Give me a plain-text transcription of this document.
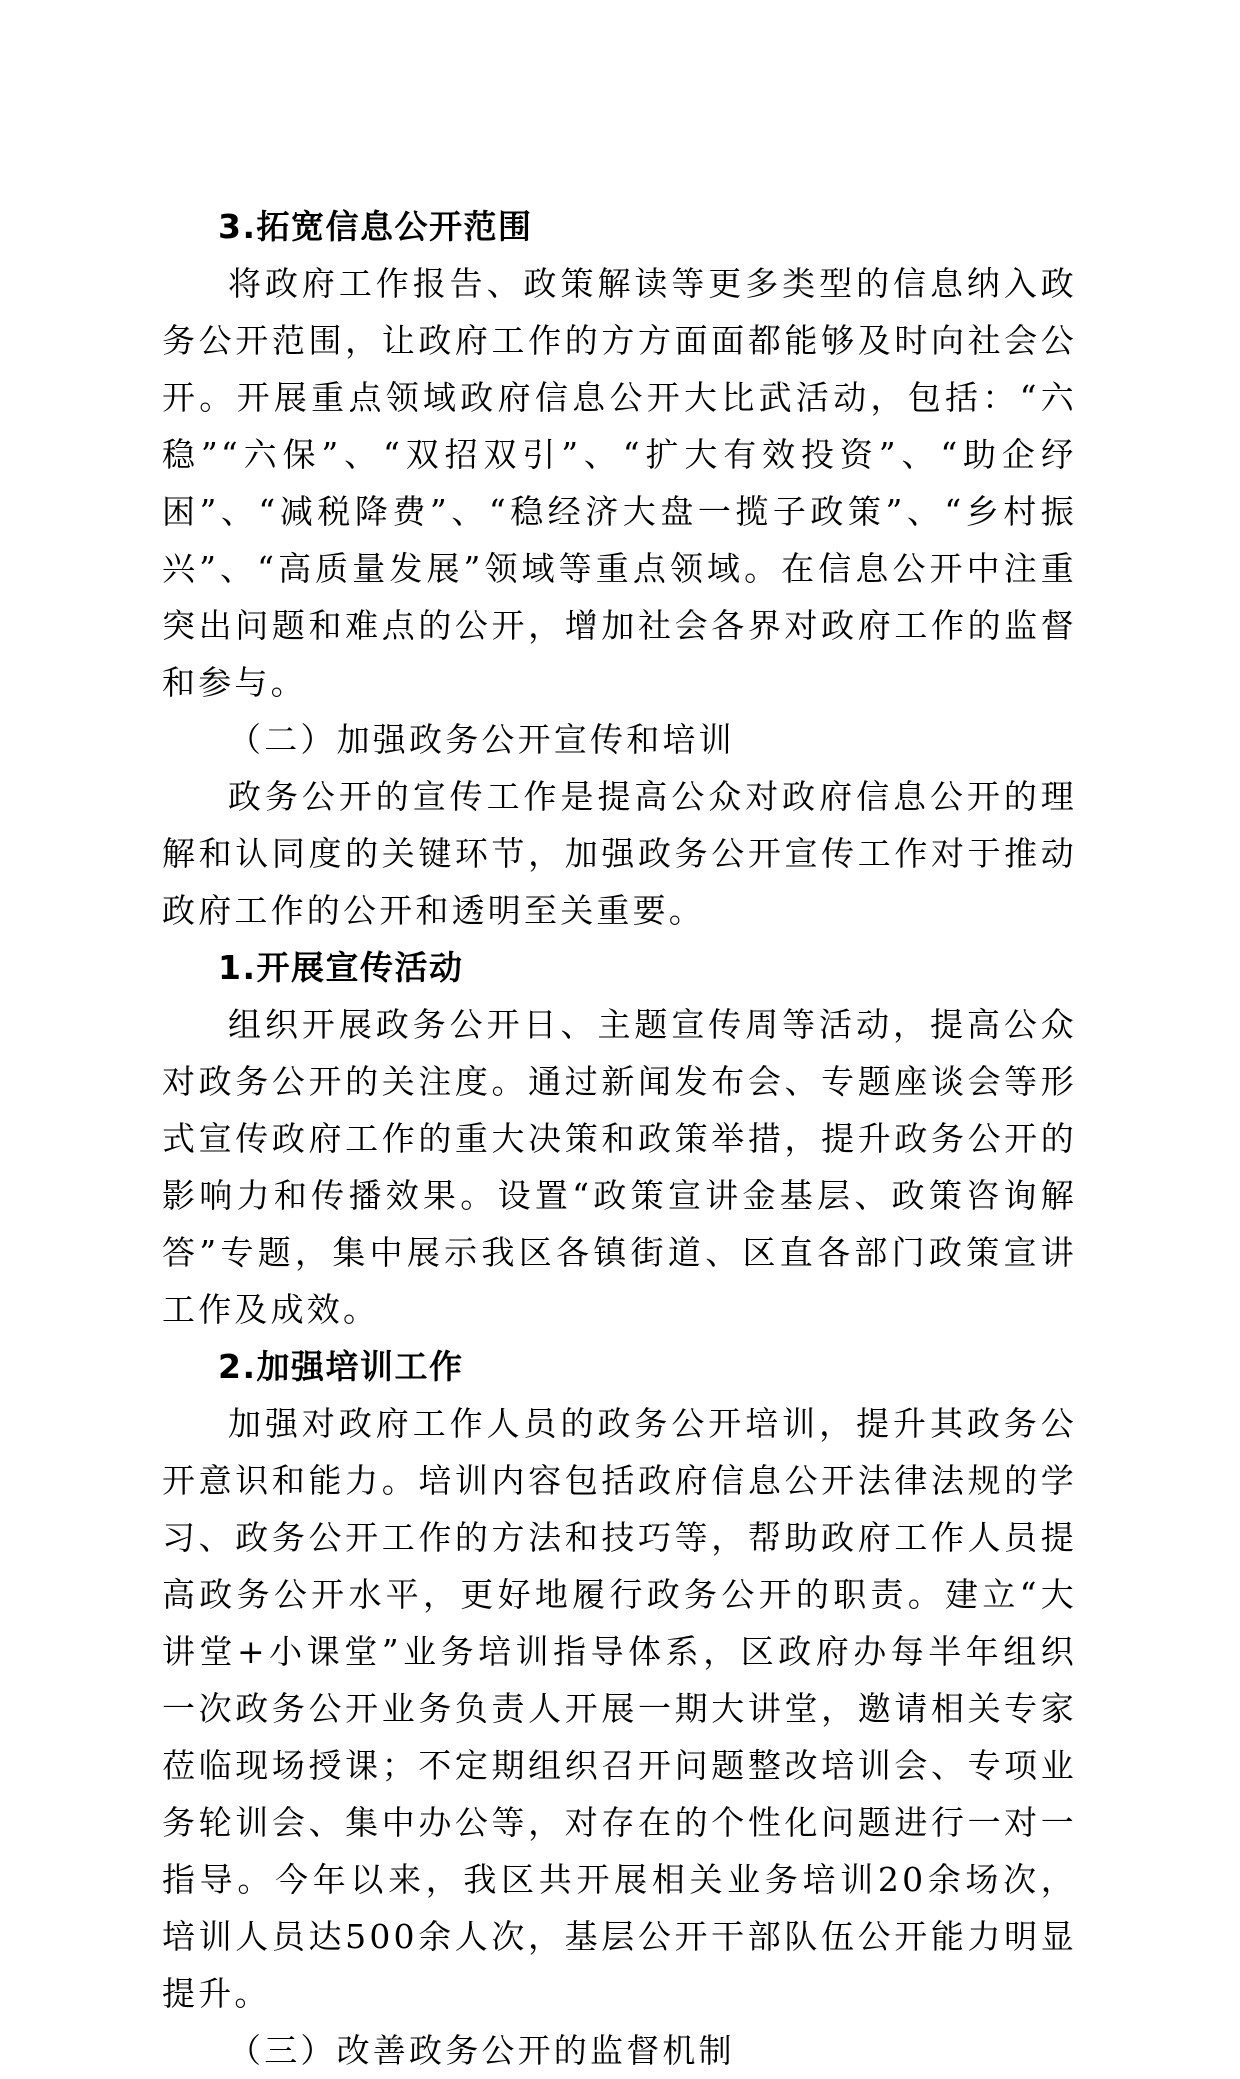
3.拓宽信息公开范围

将政府工作报告、政策解读等更多类型的信息纳入政务公开范围，让政府工作的方方面面都能够及时向社会公开。开展重点领域政府信息公开大比武活动，包括：“六稳”“六保”、“双招双引”、“扩大有效投资”、“助企纾困”、“减税降费”、“稳经济大盘一揽子政策”、“乡村振兴”、“高质量发展”领域等重点领域。在信息公开中注重突出问题和难点的公开，增加社会各界对政府工作的监督和参与。

（二）加强政务公开宣传和培训

政务公开的宣传工作是提高公众对政府信息公开的理解和认同度的关键环节，加强政务公开宣传工作对于推动政府工作的公开和透明至关重要。

1.开展宣传活动

组织开展政务公开日、主题宣传周等活动，提高公众对政务公开的关注度。通过新闻发布会、专题座谈会等形式宣传政府工作的重大决策和政策举措，提升政务公开的影响力和传播效果。设置“政策宣讲金基层、政策咨询解答”专题，集中展示我区各镇街道、区直各部门政策宣讲工作及成效。

2.加强培训工作

加强对政府工作人员的政务公开培训，提升其政务公开意识和能力。培训内容包括政府信息公开法律法规的学习、政务公开工作的方法和技巧等，帮助政府工作人员提高政务公开水平，更好地履行政务公开的职责。建立“大讲堂+小课堂”业务培训指导体系，区政府办每半年组织一次政务公开业务负责人开展一期大讲堂，邀请相关专家莅临现场授课；不定期组织召开问题整改培训会、专项业务轮训会、集中办公等，对存在的个性化问题进行一对一指导。今年以来，我区共开展相关业务培训20余场次，培训人员达500余人次，基层公开干部队伍公开能力明显提升。

（三）改善政务公开的监督机制
